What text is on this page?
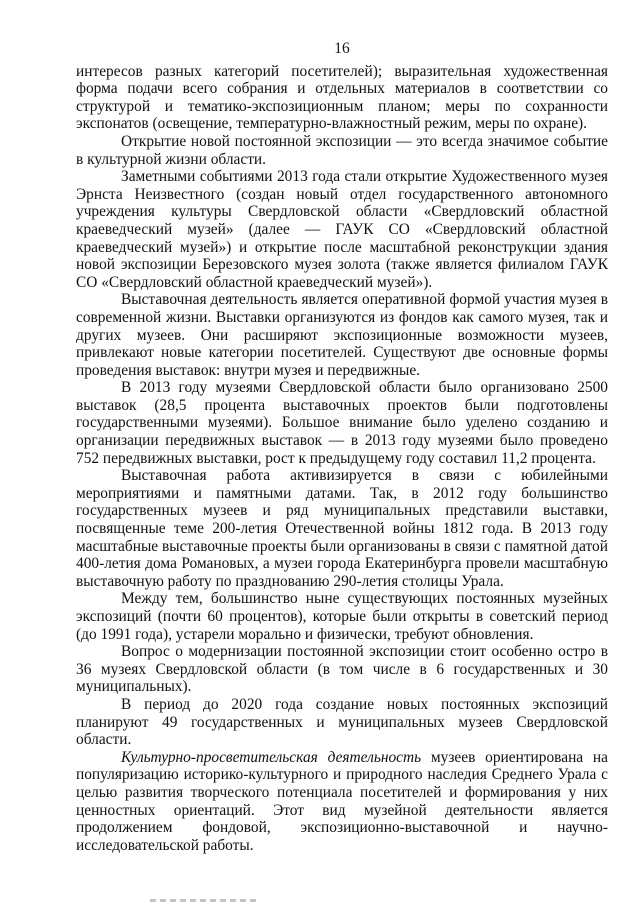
16

интересов разных категорий посетителей); выразительная художественная форма подачи всего собрания и отдельных материалов в соответствии со структурой и тематико-экспозиционным планом; меры по сохранности экспонатов (освещение, температурно-влажностный режим, меры по охране).

Открытие новой постоянной экспозиции — это всегда значимое событие в культурной жизни области.

Заметными событиями 2013 года стали открытие Художественного музея Эрнста Неизвестного (создан новый отдел государственного автономного учреждения культуры Свердловской области «Свердловский областной краеведческий музей» (далее — ГАУК СО «Свердловский областной краеведческий музей») и открытие после масштабной реконструкции здания новой экспозиции Березовского музея золота (также является филиалом ГАУК СО «Свердловский областной краеведческий музей»).

Выставочная деятельность является оперативной формой участия музея в современной жизни. Выставки организуются из фондов как самого музея, так и других музеев. Они расширяют экспозиционные возможности музеев, привлекают новые категории посетителей. Существуют две основные формы проведения выставок: внутри музея и передвижные.

В 2013 году музеями Свердловской области было организовано 2500 выставок (28,5 процента выставочных проектов были подготовлены государственными музеями). Большое внимание было уделено созданию и организации передвижных выставок — в 2013 году музеями было проведено 752 передвижных выставки, рост к предыдущему году составил 11,2 процента.

Выставочная работа активизируется в связи с юбилейными мероприятиями и памятными датами. Так, в 2012 году большинство государственных музеев и ряд муниципальных представили выставки, посвященные теме 200-летия Отечественной войны 1812 года. В 2013 году масштабные выставочные проекты были организованы в связи с памятной датой 400-летия дома Романовых, а музеи города Екатеринбурга провели масштабную выставочную работу по празднованию 290-летия столицы Урала.

Между тем, большинство ныне существующих постоянных музейных экспозиций (почти 60 процентов), которые были открыты в советский период (до 1991 года), устарели морально и физически, требуют обновления.

Вопрос о модернизации постоянной экспозиции стоит особенно остро в 36 музеях Свердловской области (в том числе в 6 государственных и 30 муниципальных).

В период до 2020 года создание новых постоянных экспозиций планируют 49 государственных и муниципальных музеев Свердловской области.

Культурно-просветительская деятельность музеев ориентирована на популяризацию историко-культурного и природного наследия Среднего Урала с целью развития творческого потенциала посетителей и формирования у них ценностных ориентаций. Этот вид музейной деятельности является продолжением фондовой, экспозиционно-выставочной и научно-исследовательской работы.
